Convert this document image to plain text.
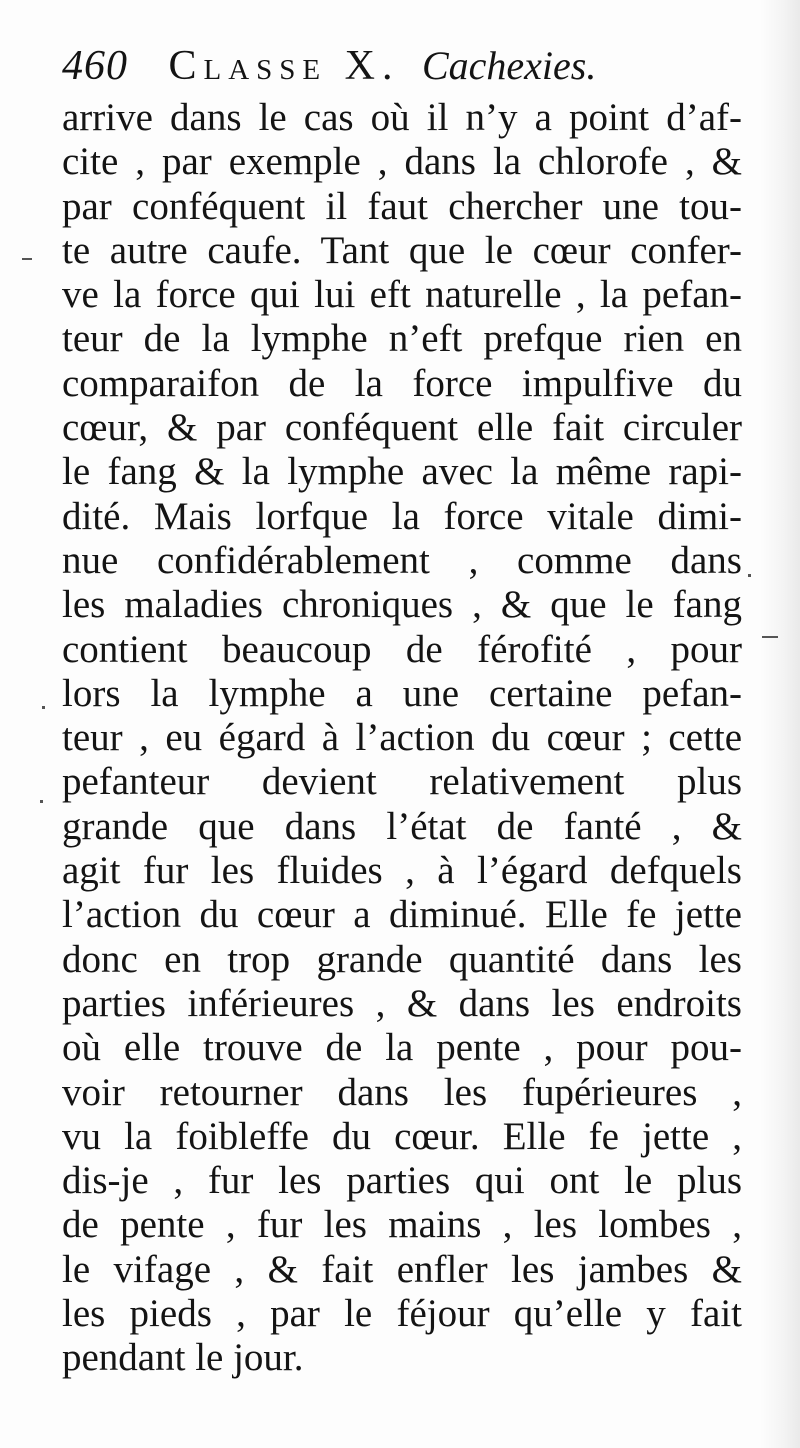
460 Classe X. Cachexies.
arrive dans le cas où il n’y a point d’af-
cite , par exemple , dans la chlorofe , &
par conféquent il faut chercher une tou-
te autre caufe. Tant que le cœur confer-
ve la force qui lui eft naturelle , la pefan-
teur de la lymphe n’eft prefque rien en
comparaifon de la force impulfive du
cœur, & par conféquent elle fait circuler
le fang & la lymphe avec la même rapi-
dité. Mais lorfque la force vitale dimi-
nue confidérablement , comme dans
les maladies chroniques , & que le fang
contient beaucoup de férofité , pour
lors la lymphe a une certaine pefan-
teur , eu égard à l’action du cœur ; cette
pefanteur devient relativement plus
grande que dans l’état de fanté , &
agit fur les fluides , à l’égard defquels
l’action du cœur a diminué. Elle fe jette
donc en trop grande quantité dans les
parties inférieures , & dans les endroits
où elle trouve de la pente , pour pou-
voir retourner dans les fupérieures ,
vu la foibleffe du cœur. Elle fe jette ,
dis-je , fur les parties qui ont le plus
de pente , fur les mains , les lombes ,
le vifage , & fait enfler les jambes &
les pieds , par le féjour qu’elle y fait
pendant le jour.
